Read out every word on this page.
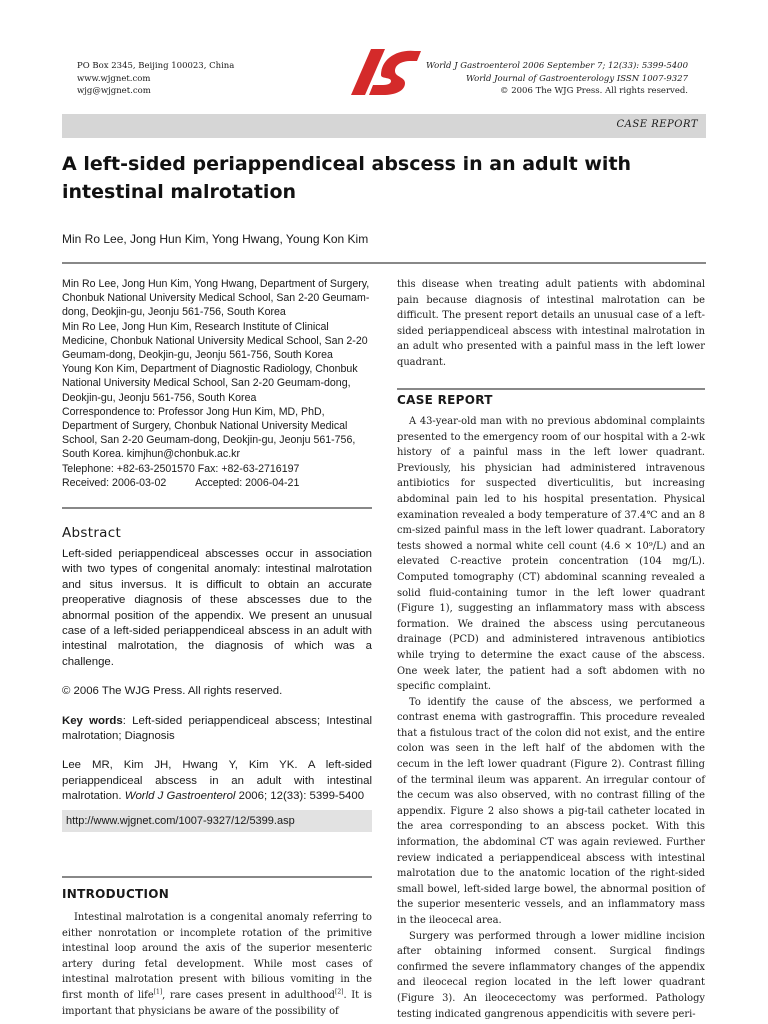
PO Box 2345, Beijing 100023, China
www.wjgnet.com
wjg@wjgnet.com
World J Gastroenterol 2006 September 7; 12(33): 5399-5400
World Journal of Gastroenterology ISSN 1007-9327
© 2006 The WJG Press. All rights reserved.
CASE REPORT
A left-sided periappendiceal abscess in an adult with intestinal malrotation
Min Ro Lee, Jong Hun Kim, Yong Hwang, Young Kon Kim

Min Ro Lee, Jong Hun Kim, Yong Hwang, Department of Surgery, Chonbuk National University Medical School, San 2-20 Geumam-dong, Deokjin-gu, Jeonju 561-756, South Korea

Min Ro Lee, Jong Hun Kim, Research Institute of Clinical Medicine, Chonbuk National University Medical School, San 2-20 Geumam-dong, Deokjin-gu, Jeonju 561-756, South Korea

Young Kon Kim, Department of Diagnostic Radiology, Chonbuk National University Medical School, San 2-20 Geumam-dong, Deokjin-gu, Jeonju 561-756, South Korea

Correspondence to: Professor Jong Hun Kim, MD, PhD, Department of Surgery, Chonbuk National University Medical School, San 2-20 Geumam-dong, Deokjin-gu, Jeonju 561-756, South Korea. kimjhun@chonbuk.ac.kr

Telephone: +82-63-2501570 Fax: +82-63-2716197

Received: 2006-03-02          Accepted: 2006-04-21

Abstract

Left-sided periappendiceal abscesses occur in association with two types of congenital anomaly: intestinal malrotation and situs inversus. It is difficult to obtain an accurate preoperative diagnosis of these abscesses due to the abnormal position of the appendix. We present an unusual case of a left-sided periappendiceal abscess in an adult with intestinal malrotation, the diagnosis of which was a challenge.

© 2006 The WJG Press. All rights reserved.

Key words: Left-sided periappendiceal abscess; Intestinal malrotation; Diagnosis

Lee MR, Kim JH, Hwang Y, Kim YK. A left-sided periappendiceal abscess in an adult with intestinal malrotation. World J Gastroenterol 2006; 12(33): 5399-5400

http://www.wjgnet.com/1007-9327/12/5399.asp
INTRODUCTION

Intestinal malrotation is a congenital anomaly referring to either nonrotation or incomplete rotation of the primitive intestinal loop around the axis of the superior mesenteric artery during fetal development. While most cases of intestinal malrotation present with bilious vomiting in the first month of life[1], rare cases present in adulthood[2]. It is important that physicians be aware of the possibility of

this disease when treating adult patients with abdominal pain because diagnosis of intestinal malrotation can be difficult. The present report details an unusual case of a left-sided periappendiceal abscess with intestinal malrotation in an adult who presented with a painful mass in the left lower quadrant.

CASE REPORT

A 43-year-old man with no previous abdominal complaints presented to the emergency room of our hospital with a 2-wk history of a painful mass in the left lower quadrant. Previously, his physician had administered intravenous antibiotics for suspected diverticulitis, but increasing abdominal pain led to his hospital presentation. Physical examination revealed a body temperature of 37.4℃ and an 8 cm-sized painful mass in the left lower quadrant. Laboratory tests showed a normal white cell count (4.6 × 10⁹/L) and an elevated C-reactive protein concentration (104 mg/L). Computed tomography (CT) abdominal scanning revealed a solid fluid-containing tumor in the left lower quadrant (Figure 1), suggesting an inflammatory mass with abscess formation. We drained the abscess using percutaneous drainage (PCD) and administered intravenous antibiotics while trying to determine the exact cause of the abscess. One week later, the patient had a soft abdomen with no specific complaint.

To identify the cause of the abscess, we performed a contrast enema with gastrograffin. This procedure revealed that a fistulous tract of the colon did not exist, and the entire colon was seen in the left half of the abdomen with the cecum in the left lower quadrant (Figure 2). Contrast filling of the terminal ileum was apparent. An irregular contour of the cecum was also observed, with no contrast filling of the appendix. Figure 2 also shows a pig-tail catheter located in the area corresponding to an abscess pocket. With this information, the abdominal CT was again reviewed. Further review indicated a periappendiceal abscess with intestinal malrotation due to the anatomic location of the right-sided small bowel, left-sided large bowel, the abnormal position of the superior mesenteric vessels, and an inflammatory mass in the ileocecal area.

Surgery was performed through a lower midline incision after obtaining informed consent. Surgical findings confirmed the severe inflammatory changes of the appendix and ileocecal region located in the left lower quadrant (Figure 3). An ileocecectomy was performed. Pathology testing indicated gangrenous appendicitis with severe peri-
